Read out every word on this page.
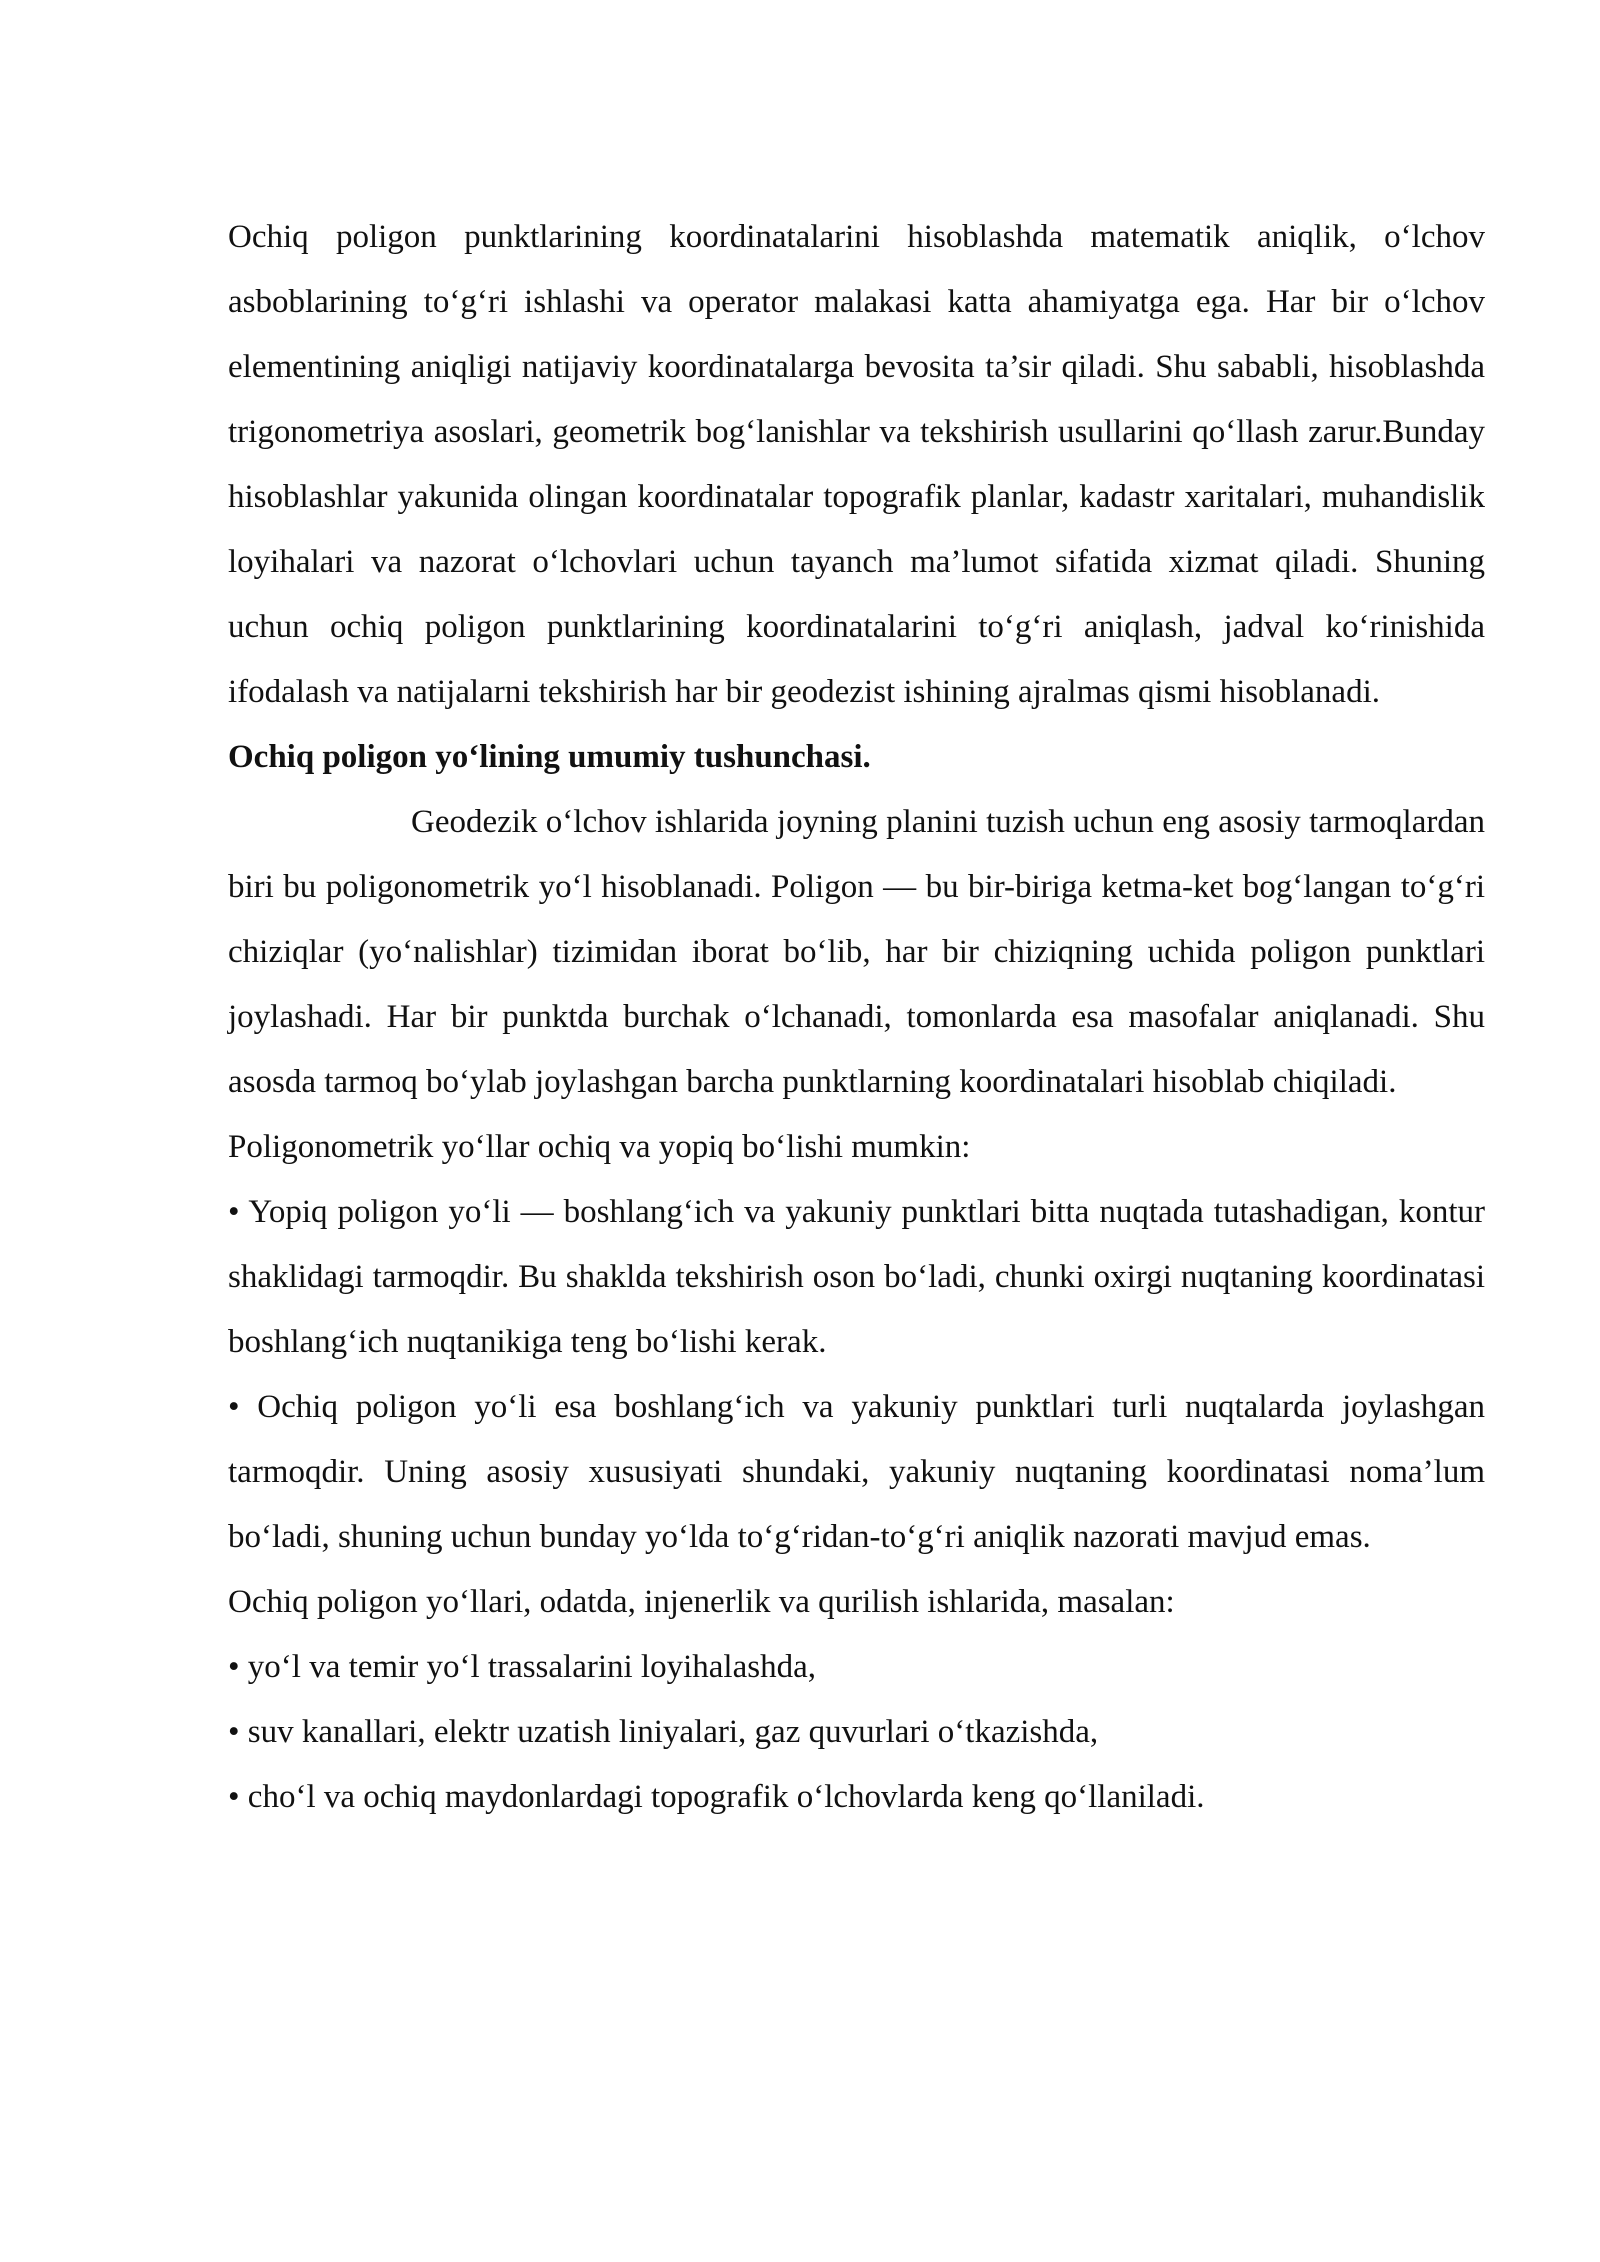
Ochiq poligon punktlarining koordinatalarini hisoblashda matematik aniqlik, o‘lchov asboblarining to‘g‘ri ishlashi va operator malakasi katta ahamiyatga ega. Har bir o‘lchov elementining aniqligi natijaviy koordinatalarga bevosita ta’sir qiladi. Shu sababli, hisoblashda trigonometriya asoslari, geometrik bog‘lanishlar va tekshirish usullarini qo‘llash zarur.Bunday hisoblashlar yakunida olingan koordinatalar topografik planlar, kadastr xaritalari, muhandislik loyihalari va nazorat o‘lchovlari uchun tayanch ma’lumot sifatida xizmat qiladi. Shuning uchun ochiq poligon punktlarining koordinatalarini to‘g‘ri aniqlash, jadval ko‘rinishida ifodalash va natijalarni tekshirish har bir geodezist ishining ajralmas qismi hisoblanadi.

Ochiq poligon yo‘lining umumiy tushunchasi.

Geodezik o‘lchov ishlarida joyning planini tuzish uchun eng asosiy tarmoqlardan biri bu poligonometrik yo‘l hisoblanadi. Poligon — bu bir-biriga ketma-ket bog‘langan to‘g‘ri chiziqlar (yo‘nalishlar) tizimidan iborat bo‘lib, har bir chiziqning uchida poligon punktlari joylashadi. Har bir punktda burchak o‘lchanadi, tomonlarda esa masofalar aniqlanadi. Shu asosda tarmoq bo‘ylab joylashgan barcha punktlarning koordinatalari hisoblab chiqiladi.

Poligonometrik yo‘llar ochiq va yopiq bo‘lishi mumkin:

• Yopiq poligon yo‘li — boshlang‘ich va yakuniy punktlari bitta nuqtada tutashadigan, kontur shaklidagi tarmoqdir. Bu shaklda tekshirish oson bo‘ladi, chunki oxirgi nuqtaning koordinatasi boshlang‘ich nuqtanikiga teng bo‘lishi kerak.

• Ochiq poligon yo‘li esa boshlang‘ich va yakuniy punktlari turli nuqtalarda joylashgan tarmoqdir. Uning asosiy xususiyati shundaki, yakuniy nuqtaning koordinatasi noma’lum bo‘ladi, shuning uchun bunday yo‘lda to‘g‘ridan-to‘g‘ri aniqlik nazorati mavjud emas.

Ochiq poligon yo‘llari, odatda, injenerlik va qurilish ishlarida, masalan:

• yo‘l va temir yo‘l trassalarini loyihalashda,

• suv kanallari, elektr uzatish liniyalari, gaz quvurlari o‘tkazishda,

• cho‘l va ochiq maydonlardagi topografik o‘lchovlarda keng qo‘llaniladi.
